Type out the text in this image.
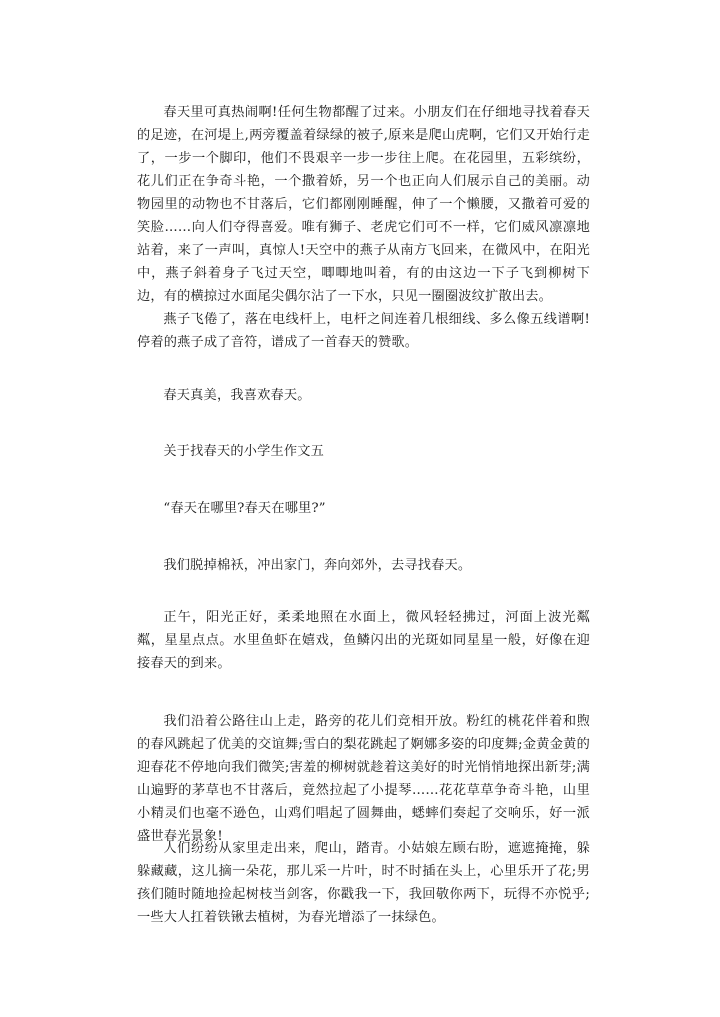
春天里可真热闹啊!任何生物都醒了过来。小朋友们在仔细地寻找着春天的足迹，在河堤上,两旁覆盖着绿绿的被子,原来是爬山虎啊，它们又开始行走了，一步一个脚印，他们不畏艰辛一步一步往上爬。在花园里，五彩缤纷，花儿们正在争奇斗艳，一个撒着娇，另一个也正向人们展示自己的美丽。动物园里的动物也不甘落后，它们都刚刚睡醒，伸了一个懒腰，又撒着可爱的笑脸……向人们夺得喜爱。唯有狮子、老虎它们可不一样，它们威风凛凛地站着，来了一声叫，真惊人!天空中的燕子从南方飞回来，在微风中，在阳光中，燕子斜着身子飞过天空，唧唧地叫着，有的由这边一下子飞到柳树下边，有的横掠过水面尾尖偶尔沾了一下水，只见一圈圈波纹扩散出去。

燕子飞倦了，落在电线杆上，电杆之间连着几根细线、多么像五线谱啊!停着的燕子成了音符，谱成了一首春天的赞歌。

春天真美，我喜欢春天。

关于找春天的小学生作文五

“春天在哪里?春天在哪里?”

我们脱掉棉袄，冲出家门，奔向郊外，去寻找春天。

正午，阳光正好，柔柔地照在水面上，微风轻轻拂过，河面上波光粼粼，星星点点。水里鱼虾在嬉戏，鱼鳞闪出的光斑如同星星一般，好像在迎接春天的到来。

我们沿着公路往山上走，路旁的花儿们竞相开放。粉红的桃花伴着和煦的春风跳起了优美的交谊舞;雪白的梨花跳起了婀娜多姿的印度舞;金黄金黄的迎春花不停地向我们微笑;害羞的柳树就趁着这美好的时光悄悄地探出新芽;满山遍野的茅草也不甘落后，竟然拉起了小提琴……花花草草争奇斗艳，山里小精灵们也毫不逊色，山鸡们唱起了圆舞曲，蟋蟀们奏起了交响乐，好一派盛世春光景象!

人们纷纷从家里走出来，爬山，踏青。小姑娘左顾右盼，遮遮掩掩，躲躲藏藏，这儿摘一朵花，那儿采一片叶，时不时插在头上，心里乐开了花;男孩们随时随地捡起树枝当剑客，你戳我一下，我回敬你两下，玩得不亦悦乎;一些大人扛着铁锹去植树，为春光增添了一抹绿色。
